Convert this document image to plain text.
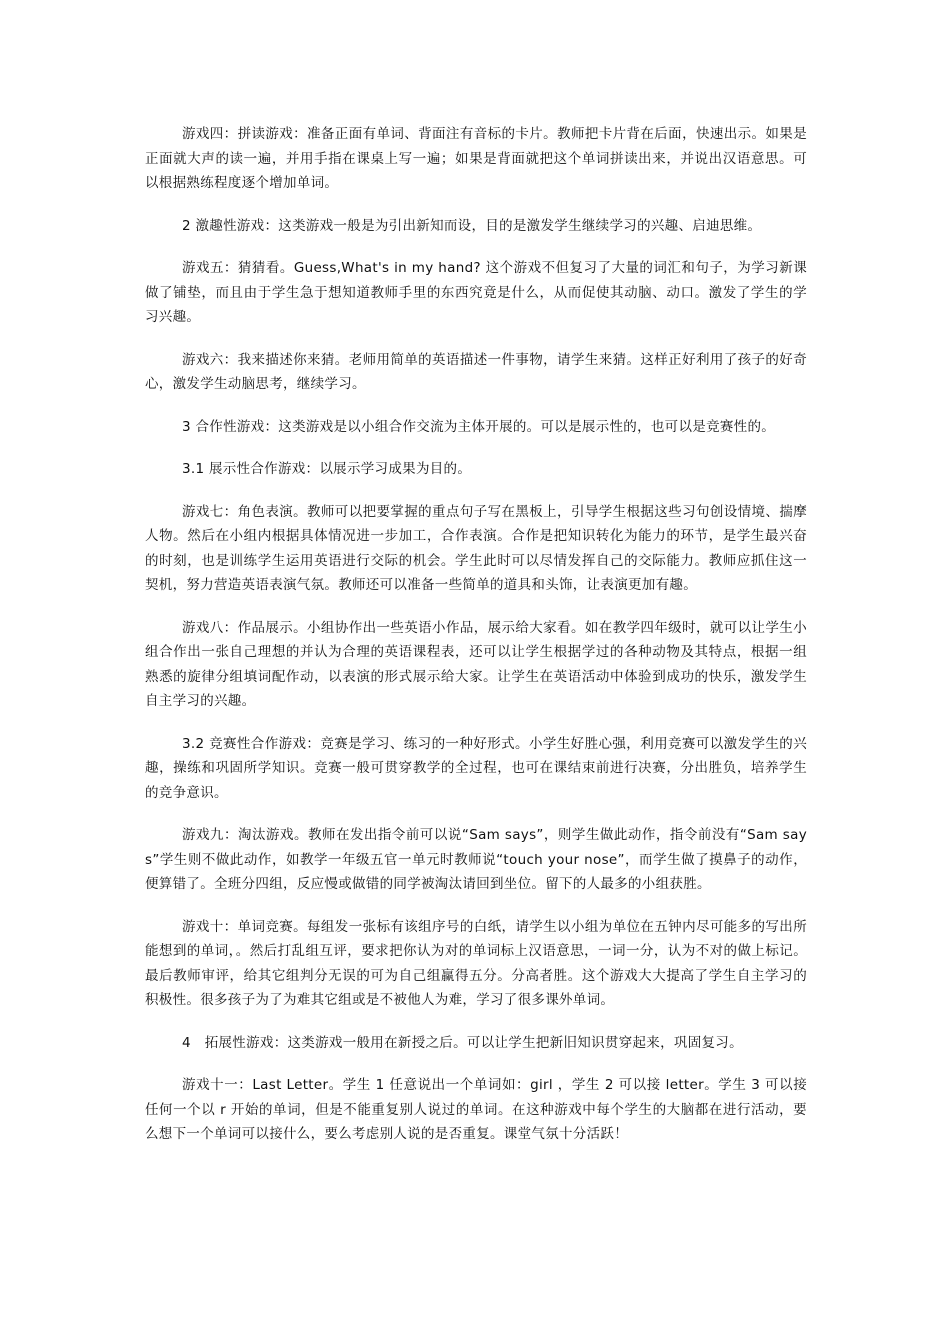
游戏四：拼读游戏：准备正面有单词、背面注有音标的卡片。教师把卡片背在后面，快速出示。如果是正面就大声的读一遍，并用手指在课桌上写一遍；如果是背面就把这个单词拼读出来，并说出汉语意思。可以根据熟练程度逐个增加单词。

2 激趣性游戏：这类游戏一般是为引出新知而设，目的是激发学生继续学习的兴趣、启迪思维。

游戏五：猜猜看。Guess,What's in my hand? 这个游戏不但复习了大量的词汇和句子，为学习新课做了铺垫，而且由于学生急于想知道教师手里的东西究竟是什么，从而促使其动脑、动口。激发了学生的学习兴趣。

游戏六：我来描述你来猜。老师用简单的英语描述一件事物，请学生来猜。这样正好利用了孩子的好奇心，激发学生动脑思考，继续学习。

3 合作性游戏：这类游戏是以小组合作交流为主体开展的。可以是展示性的，也可以是竞赛性的。

3.1 展示性合作游戏：以展示学习成果为目的。

游戏七：角色表演。教师可以把要掌握的重点句子写在黑板上，引导学生根据这些习句创设情境、揣摩人物。然后在小组内根据具体情况进一步加工，合作表演。合作是把知识转化为能力的环节，是学生最兴奋的时刻，也是训练学生运用英语进行交际的机会。学生此时可以尽情发挥自己的交际能力。教师应抓住这一契机，努力营造英语表演气氛。教师还可以准备一些简单的道具和头饰，让表演更加有趣。

游戏八：作品展示。小组协作出一些英语小作品，展示给大家看。如在教学四年级时，就可以让学生小组合作出一张自己理想的并认为合理的英语课程表，还可以让学生根据学过的各种动物及其特点，根据一组熟悉的旋律分组填词配作动，以表演的形式展示给大家。让学生在英语活动中体验到成功的快乐，激发学生自主学习的兴趣。

3.2 竞赛性合作游戏：竞赛是学习、练习的一种好形式。小学生好胜心强，利用竞赛可以激发学生的兴趣，操练和巩固所学知识。竞赛一般可贯穿教学的全过程，也可在课结束前进行决赛，分出胜负，培养学生的竞争意识。

游戏九：淘汰游戏。教师在发出指令前可以说“Sam says”，则学生做此动作，指令前没有“Sam says”学生则不做此动作，如教学一年级五官一单元时教师说“touch your nose”，而学生做了摸鼻子的动作，便算错了。全班分四组，反应慢或做错的同学被淘汰请回到坐位。留下的人最多的小组获胜。

游戏十：单词竞赛。每组发一张标有该组序号的白纸，请学生以小组为单位在五钟内尽可能多的写出所能想到的单词，。然后打乱组互评，要求把你认为对的单词标上汉语意思，一词一分，认为不对的做上标记。最后教师审评，给其它组判分无误的可为自己组赢得五分。分高者胜。这个游戏大大提高了学生自主学习的积极性。很多孩子为了为难其它组或是不被他人为难，学习了很多课外单词。

4　拓展性游戏：这类游戏一般用在新授之后。可以让学生把新旧知识贯穿起来，巩固复习。

游戏十一：Last Letter。学生 1 任意说出一个单词如：girl ，学生 2 可以接 letter。学生 3 可以接任何一个以 r 开始的单词，但是不能重复别人说过的单词。在这种游戏中每个学生的大脑都在进行活动，要么想下一个单词可以接什么，要么考虑别人说的是否重复。课堂气氛十分活跃！
